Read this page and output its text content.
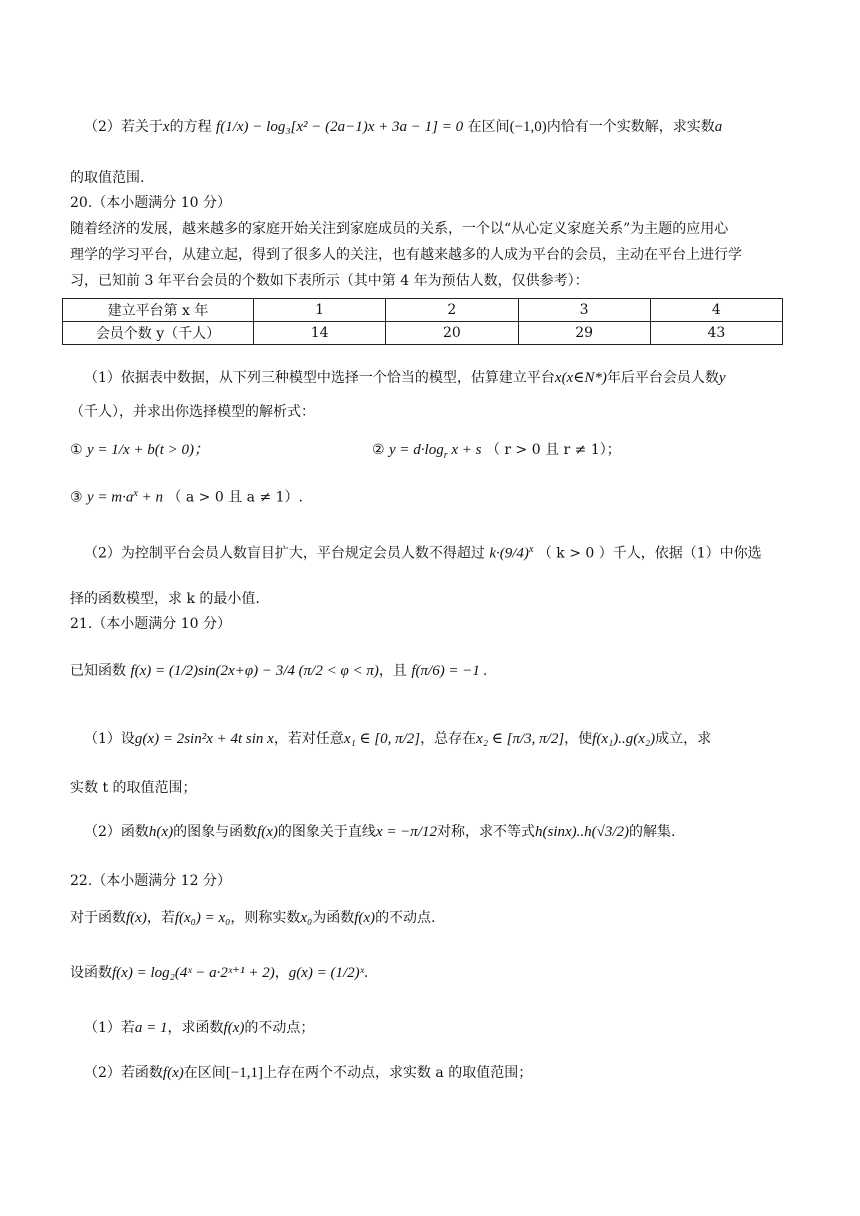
（2）若关于x的方程 f(1/x) − log₃[x² − (2a−1)x + 3a − 1] = 0 在区间(−1,0)内恰有一个实数解，求实数a
的取值范围.
20.（本小题满分 10 分）
随着经济的发展，越来越多的家庭开始关注到家庭成员的关系，一个以“从心定义家庭关系”为主题的应用心
理学的学习平台，从建立起，得到了很多人的关注，也有越来越多的人成为平台的会员，主动在平台上进行学
习，已知前 3 年平台会员的个数如下表所示（其中第 4 年为预估人数，仅供参考）：
建立平台第 x 年	1	2	3	4
会员个数 y（千人）	14	20	29	43
（1）依据表中数据，从下列三种模型中选择一个恰当的模型，估算建立平台x(x∈N*)年后平台会员人数y
（千人），并求出你选择模型的解析式：
① y = 1/x + b(t > 0)；	② $y = d\cdot\log_r$ x + s （ r > 0 且 r ≠ 1）；
③ $y = m\cdot a^x + n$ （ a > 0 且 a ≠ 1）.
（2）为控制平台会员人数盲目扩大，平台规定会员人数不得超过 $k\cdot(9/4)^x$ （ k > 0 ）千人，依据（1）中你选
择的函数模型，求 k 的最小值.
21.（本小题满分 10 分）
已知函数 f(x) = (1/2)sin(2x+φ) − 3/4 (π/2 < φ < π)，且 f(π/6) = −1 .
（1）设g(x) = 2sin²x + 4t sin x，若对任意x₁ ∈ [0, π/2]，总存在x₂ ∈ [π/3, π/2]，使f(x₁)..g(x₂)成立，求
实数 t 的取值范围；
（2）函数h(x)的图象与函数f(x)的图象关于直线x = −π/12对称，求不等式h(sinx)..h(√3/2)的解集.
22.（本小题满分 12 分）
对于函数f(x)，若f(x₀) = x₀，则称实数x₀为函数f(x)的不动点.
设函数f(x) = log₂(4ˣ − a·2ˣ⁺¹ + 2)，g(x) = (1/2)ˣ.
（1）若a = 1，求函数f(x)的不动点；
（2）若函数f(x)在区间[−1,1]上存在两个不动点，求实数 a 的取值范围；
